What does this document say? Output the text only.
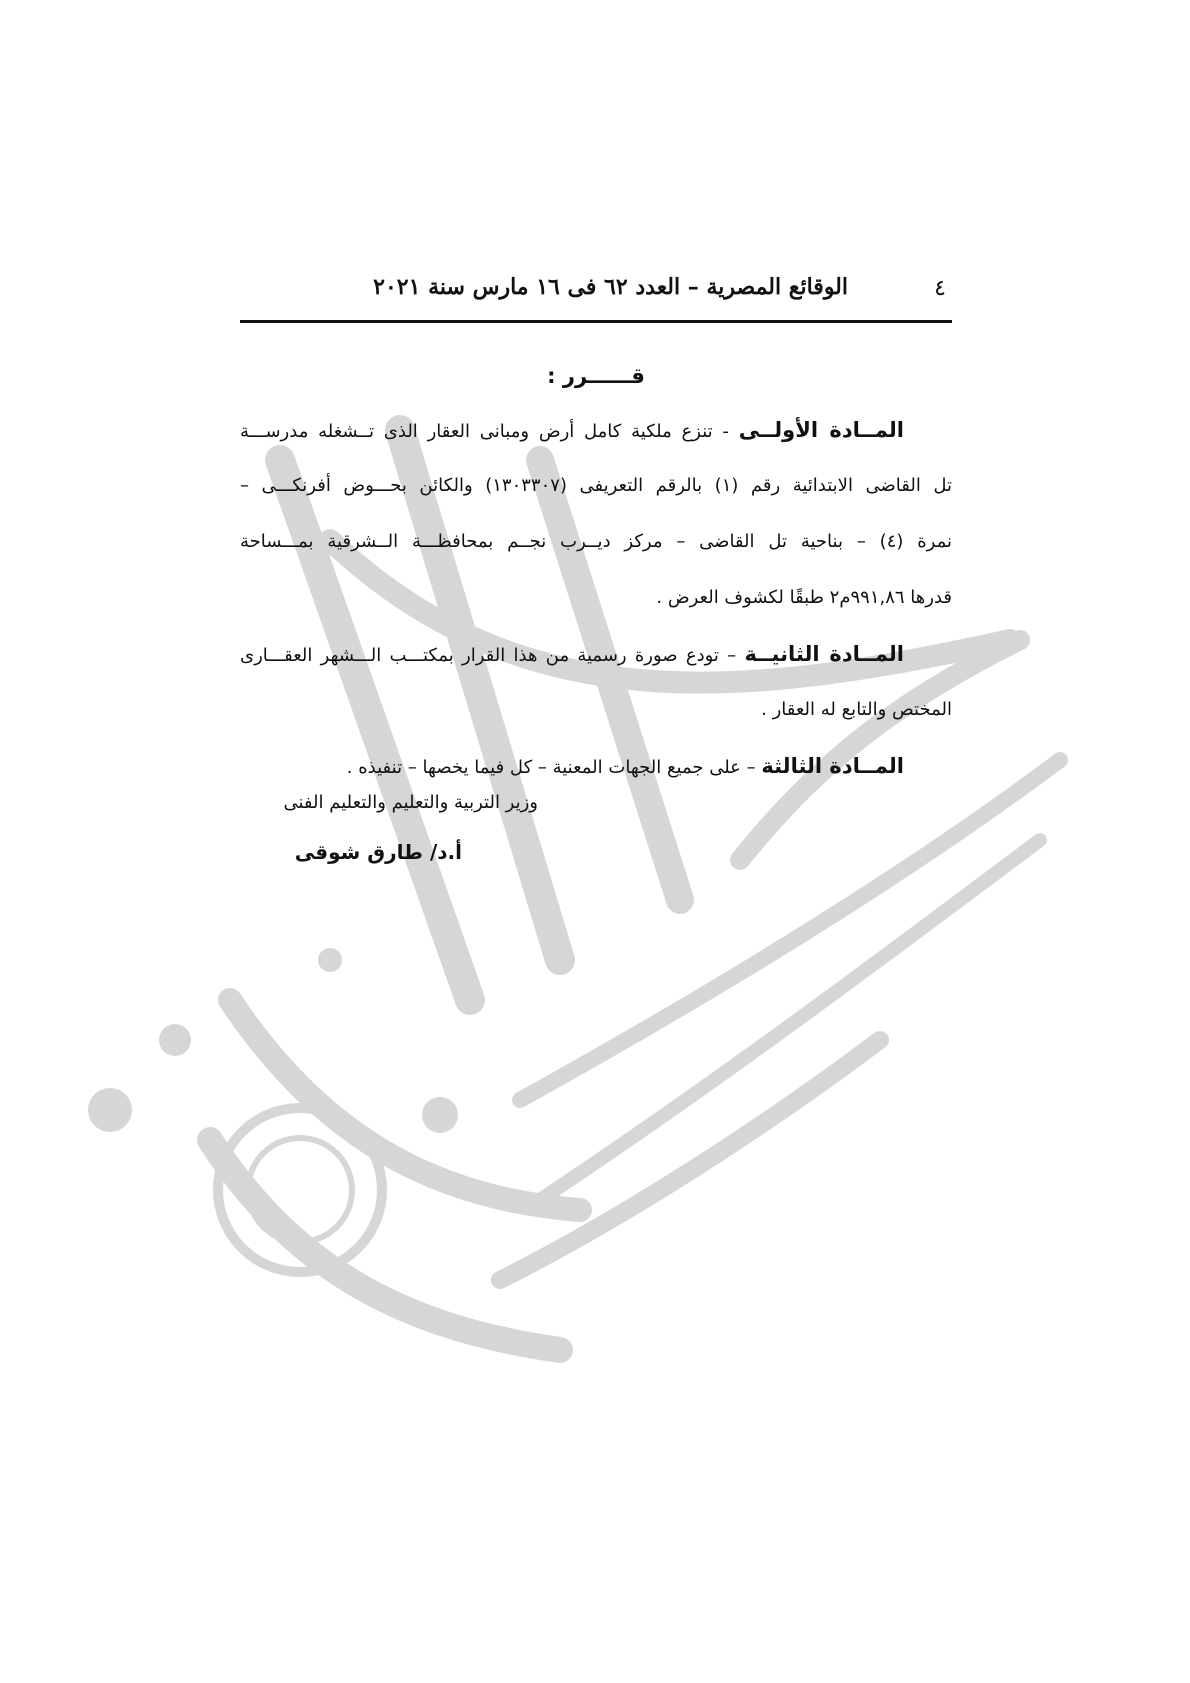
٤
الوقائع المصرية – العدد ٦٢ فى ١٦ مارس سنة ٢٠٢١
قــــــرر :
المــادة الأولــى - تنزع ملكية كامل أرض ومبانى العقار الذى تــشغله مدرســـة
تل القاضى الابتدائية رقم (١) بالرقم التعريفى (١٣٠٣٣٠٧) والكائن بحـــوض أفرنكـــى –
نمرة (٤) – بناحية تل القاضى – مركز ديــرب نجــم بمحافظـــة الــشرقية بمـــساحة
قدرها ٩٩١,٨٦م٢ طبقًا لكشوف العرض .
المــادة الثانيــة – تودع صورة رسمية من هذا القرار بمكتـــب الـــشهر العقـــارى
المختص والتابع له العقار .
المــادة الثالثة – على جميع الجهات المعنية – كل فيما يخصها – تنفيذه .
وزير التربية والتعليم والتعليم الفنى
أ.د/ طارق شوقى
